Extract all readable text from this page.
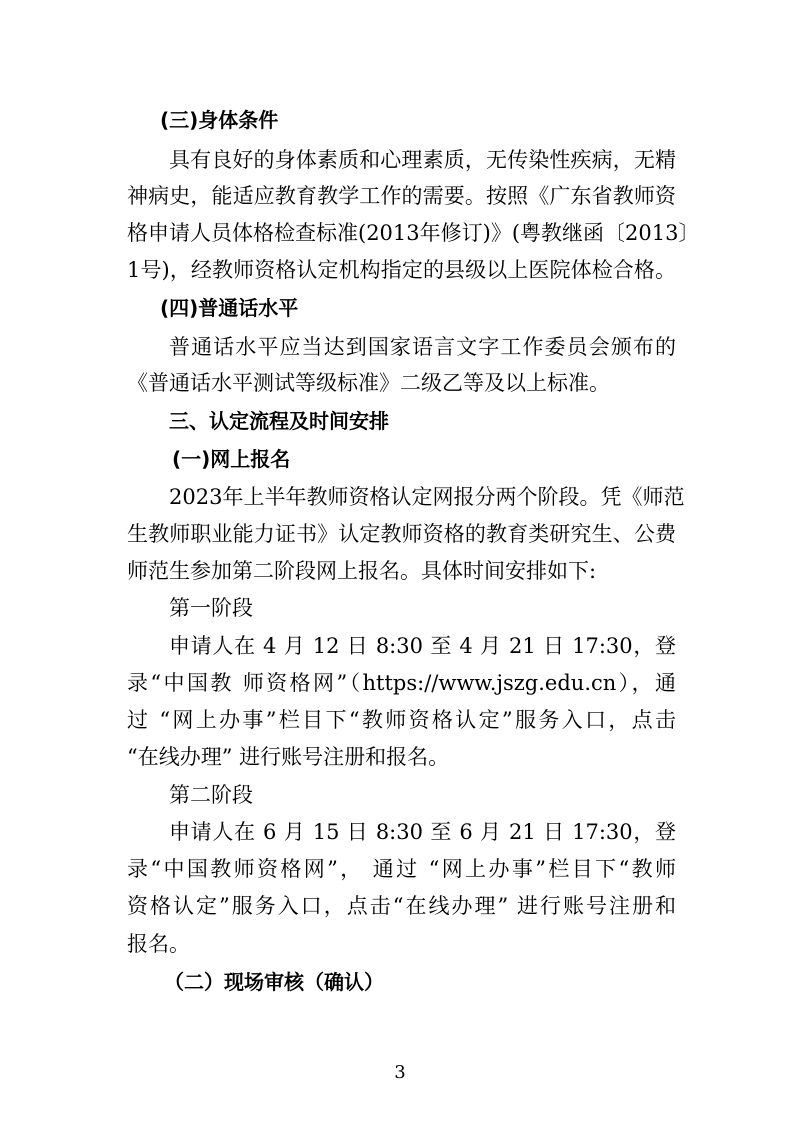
(三)身体条件
具有良好的身体素质和心理素质，无传染性疾病，无精
神病史，能适应教育教学工作的需要。按照《广东省教师资
格申请人员体格检查标准(2013年修订)》(粤教继函〔2013〕
1号)，经教师资格认定机构指定的县级以上医院体检合格。
(四)普通话水平
普通话水平应当达到国家语言文字工作委员会颁布的
《普通话水平测试等级标准》二级乙等及以上标准。
三、认定流程及时间安排
(一)网上报名
2023年上半年教师资格认定网报分两个阶段。凭《师范
生教师职业能力证书》认定教师资格的教育类研究生、公费
师范生参加第二阶段网上报名。具体时间安排如下:
第一阶段
申请人在 4 月 12 日 8:30 至 4 月 21 日 17:30，登
录“中国教 师资格网”（https://www.jszg.edu.cn），通
过 “网上办事”栏目下“教师资格认定”服务入口，点击
“在线办理” 进行账号注册和报名。
第二阶段
申请人在 6 月 15 日 8:30 至 6 月 21 日 17:30，登
录“中国教师资格网”， 通过 “网上办事”栏目下“教师
资格认定”服务入口，点击“在线办理” 进行账号注册和
报名。
（二）现场审核（确认）
3
